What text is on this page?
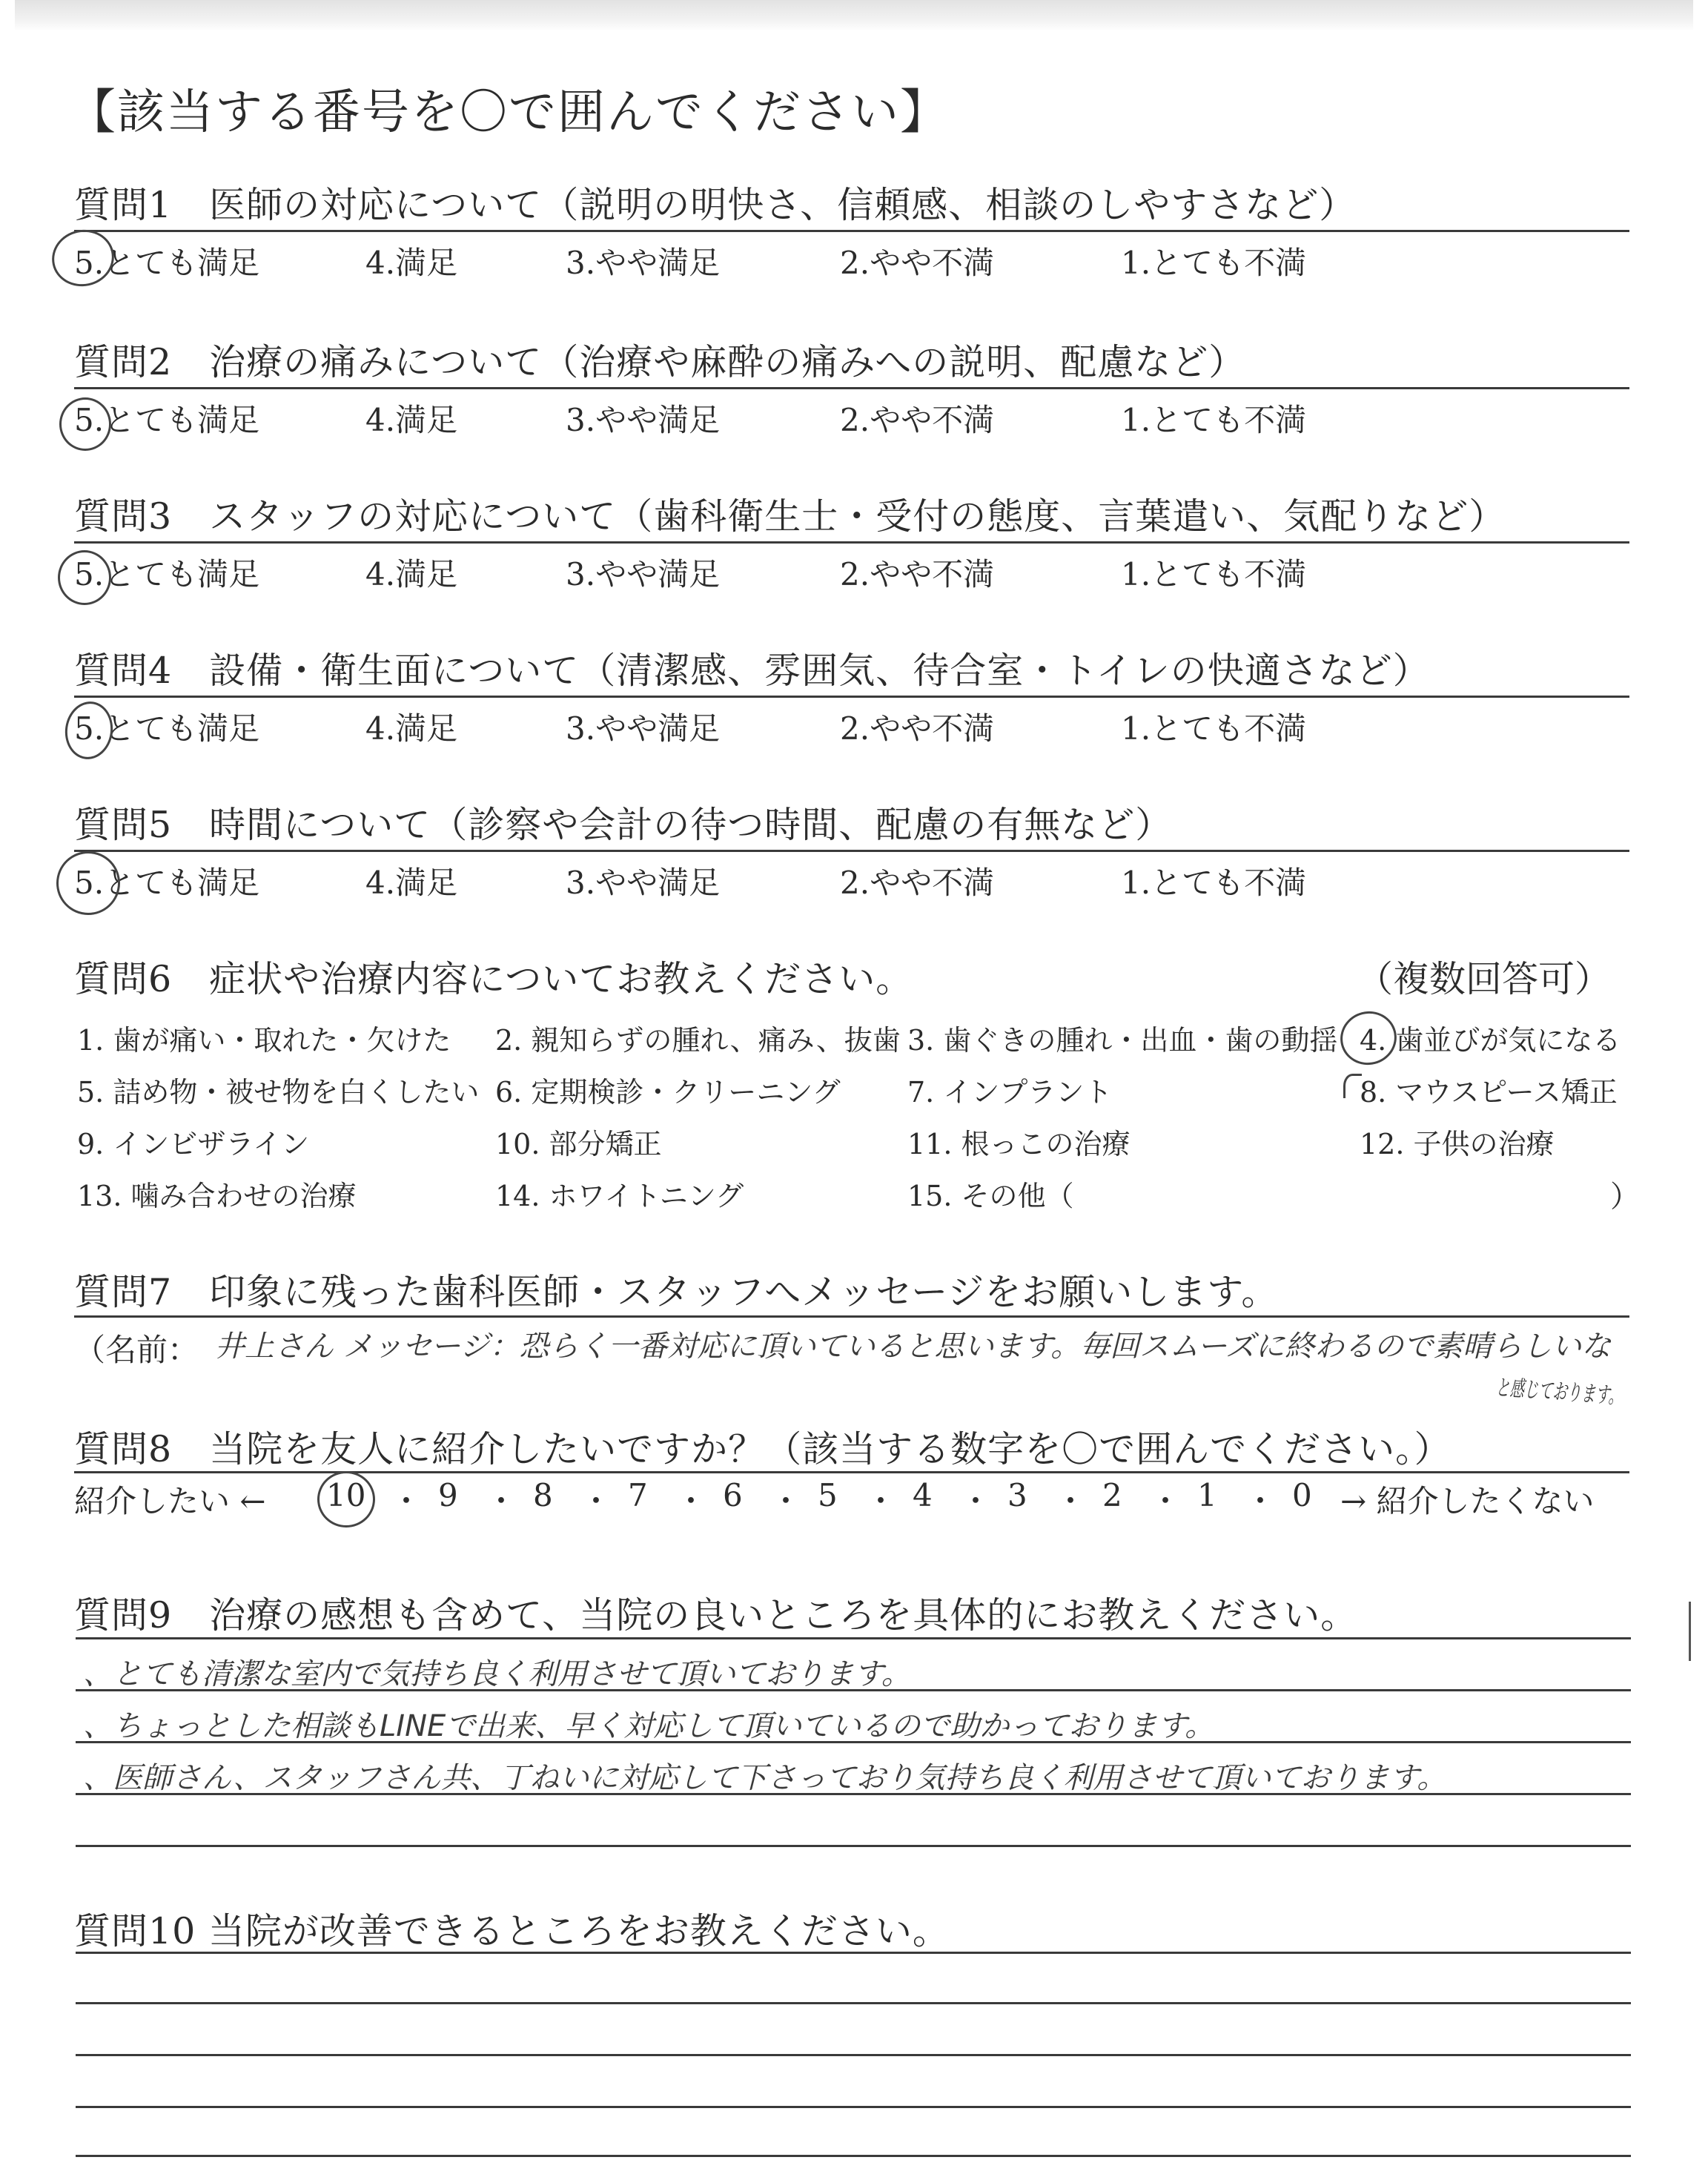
【該当する番号を〇で囲んでください】
質問1　医師の対応について（説明の明快さ、信頼感、相談のしやすさなど）
5.とても満足	4.満足	3.やや満足	2.やや不満	1.とても不満
質問2　治療の痛みについて（治療や麻酔の痛みへの説明、配慮など）
5.とても満足	4.満足	3.やや満足	2.やや不満	1.とても不満
質問3　スタッフの対応について（歯科衛生士・受付の態度、言葉遣い、気配りなど）
5.とても満足	4.満足	3.やや満足	2.やや不満	1.とても不満
質問4　設備・衛生面について（清潔感、雰囲気、待合室・トイレの快適さなど）
5.とても満足	4.満足	3.やや満足	2.やや不満	1.とても不満
質問5　時間について（診察や会計の待つ時間、配慮の有無など）
5.とても満足	4.満足	3.やや満足	2.やや不満	1.とても不満
質問6　症状や治療内容についてお教えください。	（複数回答可）
1. 歯が痛い・取れた・欠けた 2. 親知らずの腫れ、痛み、抜歯 3. 歯ぐきの腫れ・出血・歯の動揺 4. 歯並びが気になる
5. 詰め物・被せ物を白くしたい 6. 定期検診・クリーニング 7. インプラント	8. マウスピース矯正
9. インビザライン	10. 部分矯正	11. 根っこの治療	12. 子供の治療
13. 噛み合わせの治療	14. ホワイトニング	15. その他（	）
質問7　印象に残った歯科医師・スタッフへメッセージをお願いします。
（名前： 井上さん メッセージ：恐らく一番対応に頂いていると思います。毎回スムーズに終わるので素晴らしいな
と感じております。
質問8　当院を友人に紹介したいですか？（該当する数字を〇で囲んでください。）
紹介したい ← 10 ・ 9 ・ 8 ・ 7 ・ 6 ・ 5 ・ 4 ・ 3 ・ 2 ・ 1 ・ 0 → 紹介したくない
質問9　治療の感想も含めて、当院の良いところを具体的にお教えください。
、とても清潔な室内で気持ち良く利用させて頂いております。
、ちょっとした相談もLINEで出来、早く対応して頂いているので助かっております。
、医師さん、スタッフさん共、丁ねいに対応して下さっており気持ち良く利用させて頂いております。
質問10 当院が改善できるところをお教えください。
